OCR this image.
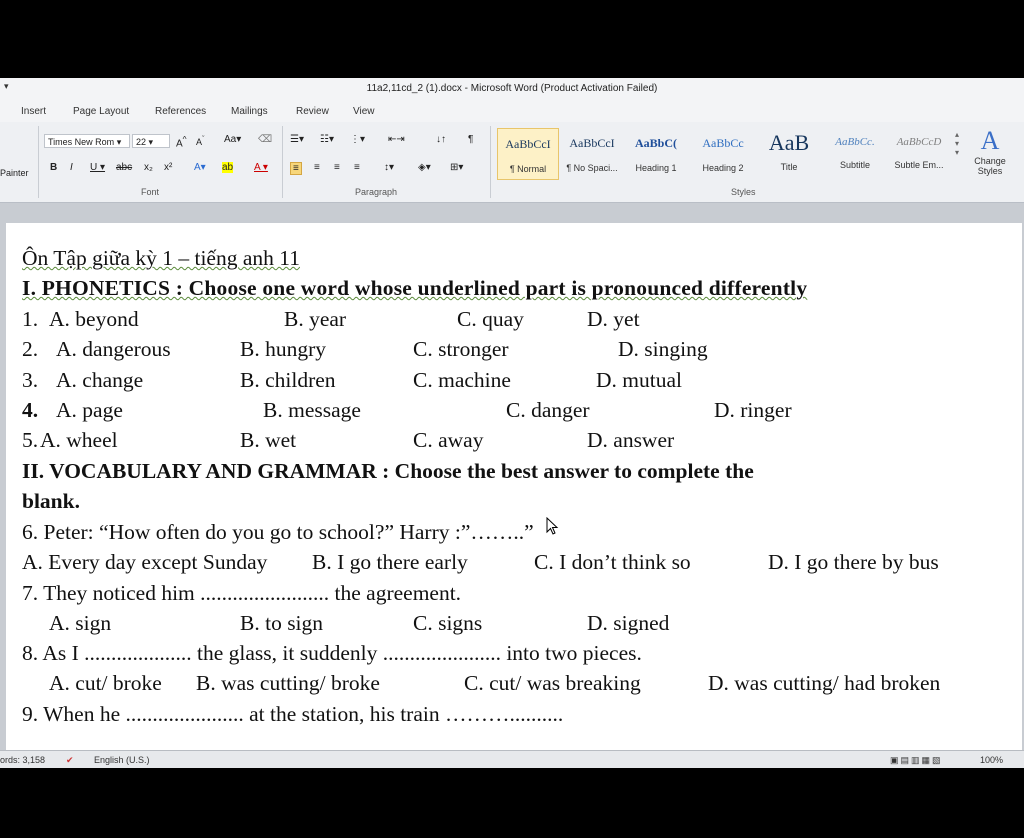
▾	11a2,11cd_2 (1).docx - Microsoft Word (Product Activation Failed)
Insert	Page Layout	References Mailings	Review View
Painter
Times New Rom ▾	22 ▾	A^ $A^ˇ$ Aa▾ ⌫
B I U ▾ abc x₂ x² A▾ ab A ▾
Font
☰▾ ☷▾ ⋮▾ ⇤⇥	↓↑ ¶
≡	≡ ≡ ≡ ↕▾ ◈▾ ⊞▾
Paragraph
AaBbCcI
¶ Normal
AaBbCcI
¶ No Spaci...
AaBbC(
Heading 1
AaBbCc
Heading 2
AaB
Title
AaBbCc.
Subtitle
AaBbCcD
Subtle Em...
▴
▾
▾ A
Change Styles
Styles
Ôn Tập giữa kỳ 1 – tiếng anh 11
I. PHONETICS : Choose one word whose underlined part is pronounced differently
1. A. beyond	B. year	C. quay	D. yet
2. A. dangerous	B. hungry	C. stronger	D. singing
3. A. change	B. children	C. machine	D. mutual
4. A. page	B. message	C. danger	D. ringer
5. A. wheel	B. wet	C. away	D. answer
II. VOCABULARY AND GRAMMAR : Choose the best answer to complete the
blank.
6. Peter: “How often do you go to school?” Harry :”……..”
A. Every day except Sunday B. I go there early	C. I don’t think so	D. I go there by bus
7. They noticed him ........................ the agreement.
A. sign	B. to sign	C. signs	D. signed
8. As I .................... the glass, it suddenly ...................... into two pieces.
A. cut/ broke B. was cutting/ broke	C. cut/ was breaking	D. was cutting/ had broken
9. When he ...................... at the station, his train ………..........
ords: 3,158 ✔ English (U.S.)	▣▤▥▦▧	100%
